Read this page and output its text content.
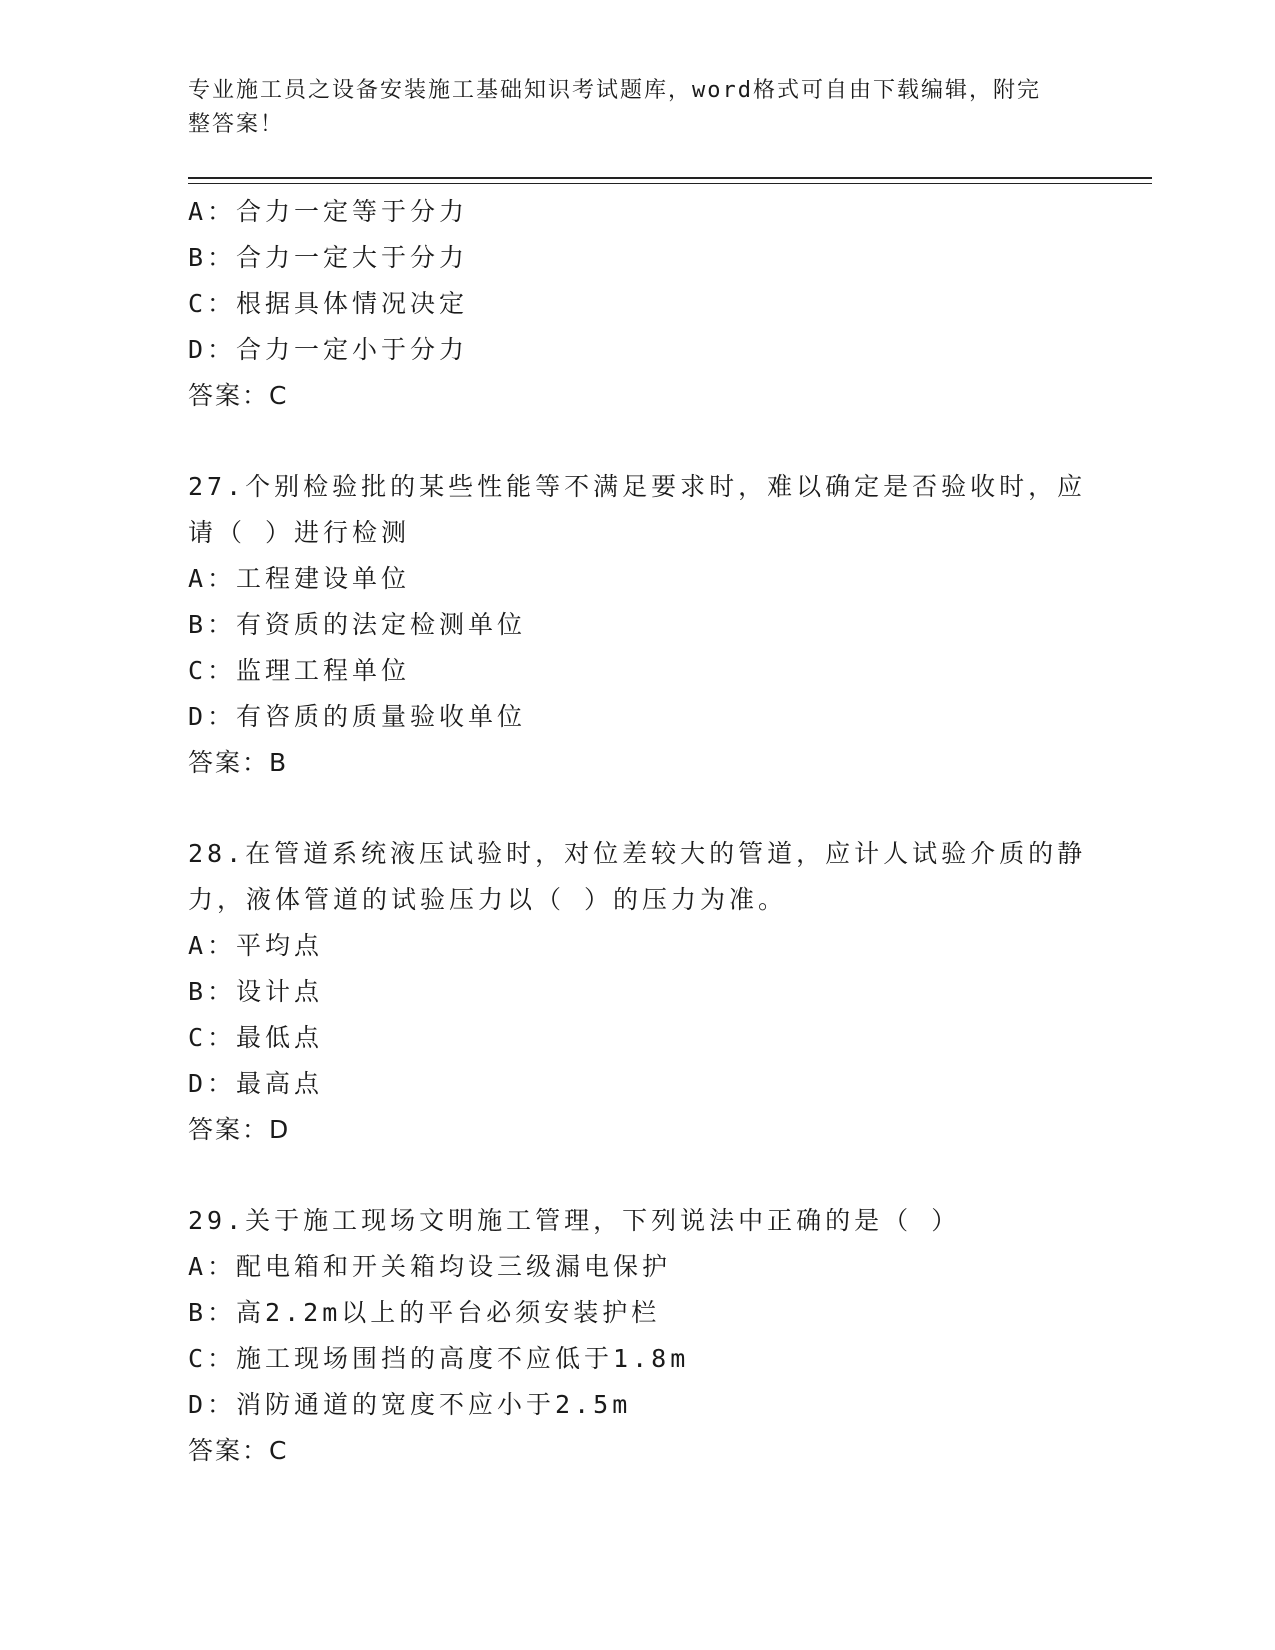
专业施工员之设备安装施工基础知识考试题库，word格式可自由下载编辑，附完
整答案！
A：合力一定等于分力
B：合力一定大于分力
C：根据具体情况决定
D：合力一定小于分力
答案：C
27.个别检验批的某些性能等不满足要求时，难以确定是否验收时，应
请（ ）进行检测
A：工程建设单位
B：有资质的法定检测单位
C：监理工程单位
D：有咨质的质量验收单位
答案：B
28.在管道系统液压试验时，对位差较大的管道，应计人试验介质的静
力，液体管道的试验压力以（ ）的压力为准。
A：平均点
B：设计点
C：最低点
D：最高点
答案：D
29.关于施工现场文明施工管理，下列说法中正确的是（ ）
A：配电箱和开关箱均设三级漏电保护
B：高2.2m以上的平台必须安装护栏
C：施工现场围挡的高度不应低于1.8m
D：消防通道的宽度不应小于2.5m
答案：C
